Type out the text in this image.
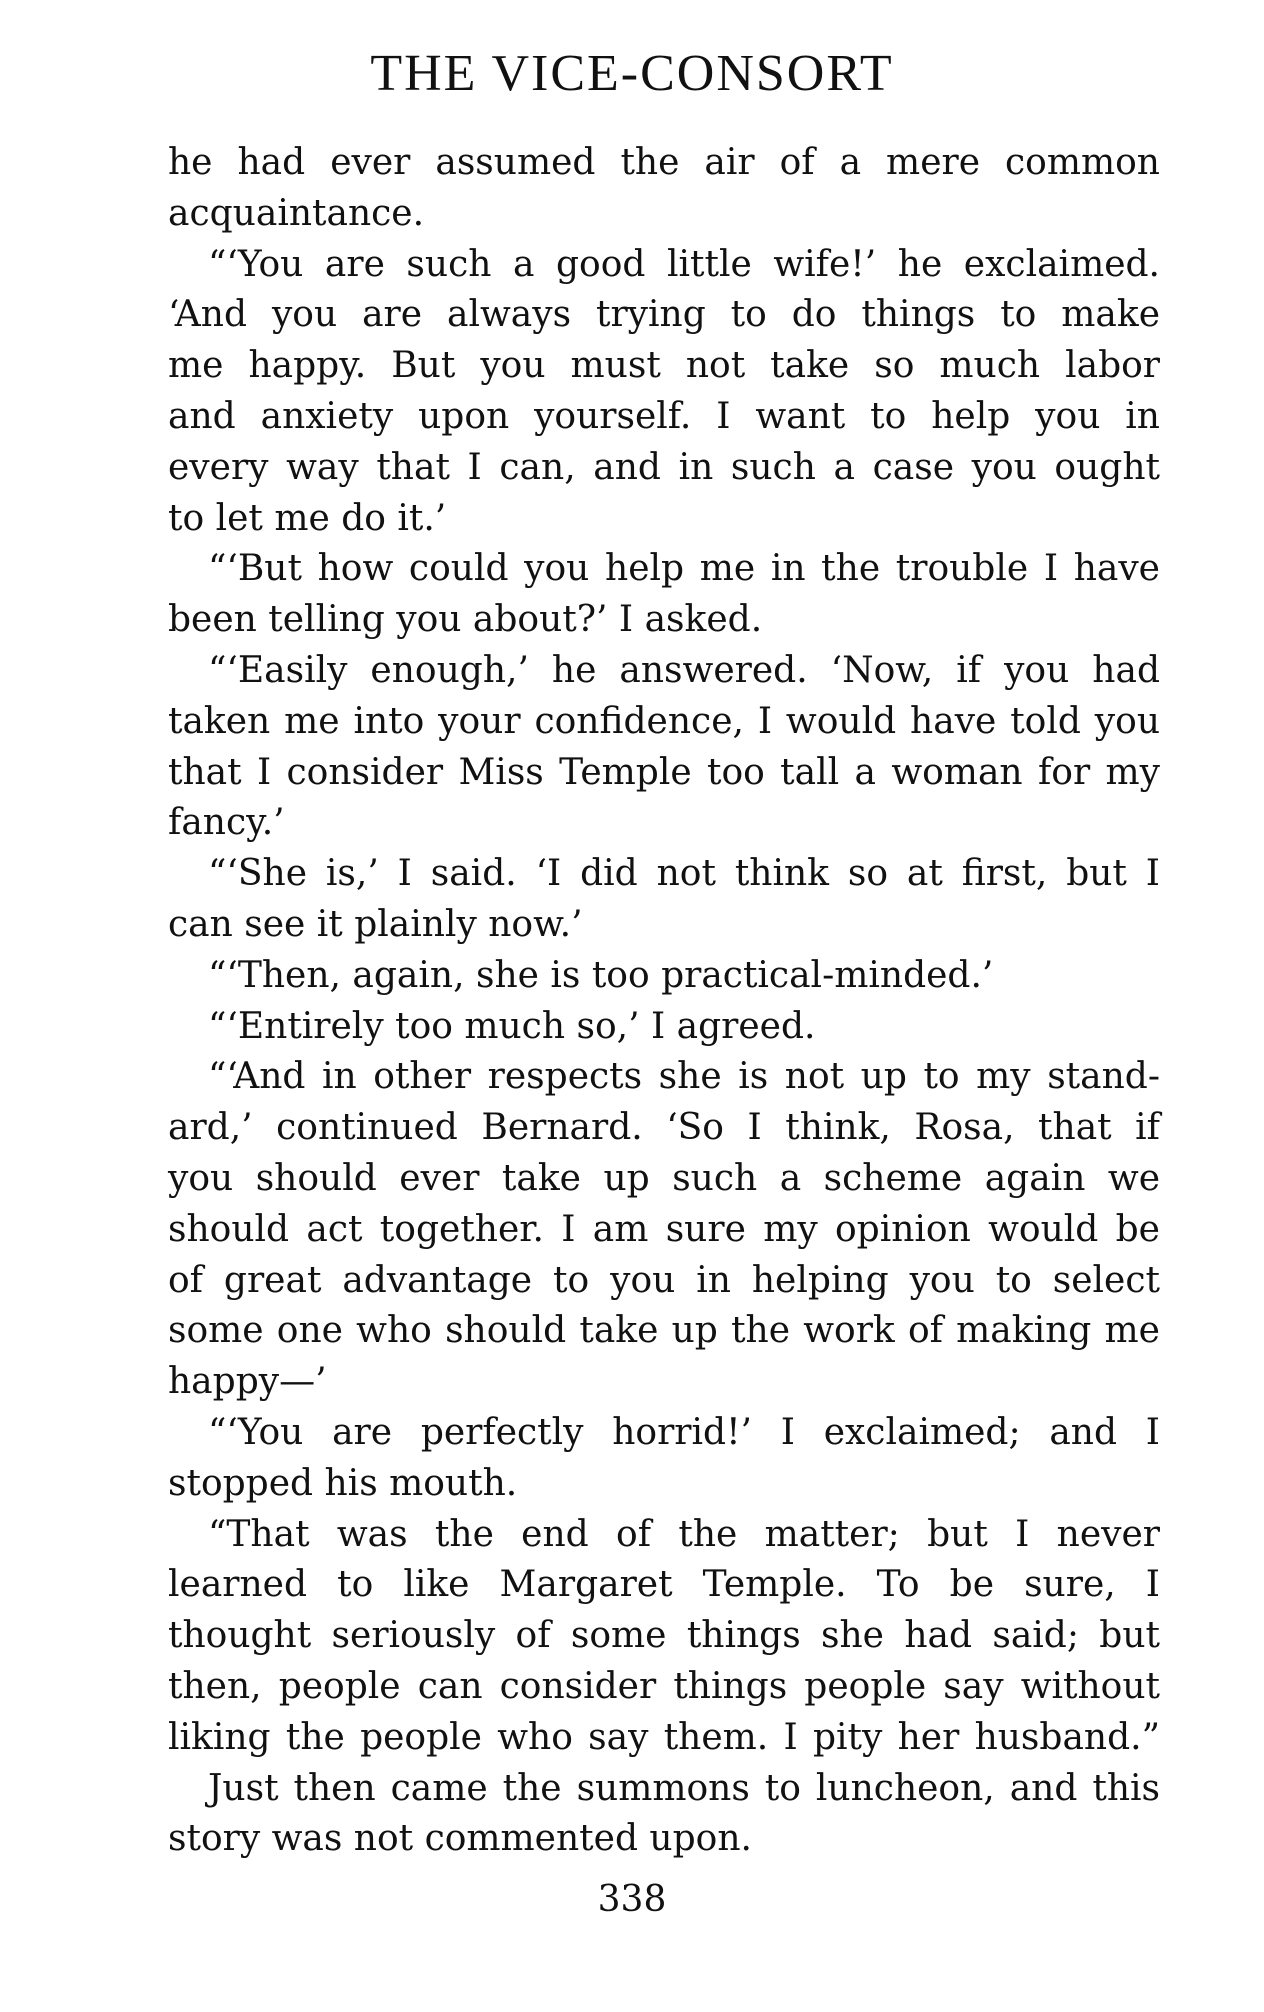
THE VICE-CONSORT
he had ever assumed the air of a mere common
acquaintance.
“‘You are such a good little wife!’ he exclaimed.
‘And you are always trying to do things to make
me happy. But you must not take so much labor
and anxiety upon yourself. I want to help you in
every way that I can, and in such a case you ought
to let me do it.’
“‘But how could you help me in the trouble I have
been telling you about?’ I asked.
“‘Easily enough,’ he answered. ‘Now, if you had
taken me into your confidence, I would have told you
that I consider Miss Temple too tall a woman for my
fancy.’
“‘She is,’ I said. ‘I did not think so at first, but I
can see it plainly now.’
“‘Then, again, she is too practical-minded.’
“‘Entirely too much so,’ I agreed.
“‘And in other respects she is not up to my stand-
ard,’ continued Bernard. ‘So I think, Rosa, that if
you should ever take up such a scheme again we
should act together. I am sure my opinion would be
of great advantage to you in helping you to select
some one who should take up the work of making me
happy—’
“‘You are perfectly horrid!’ I exclaimed; and I
stopped his mouth.
“That was the end of the matter; but I never
learned to like Margaret Temple. To be sure, I
thought seriously of some things she had said; but
then, people can consider things people say without
liking the people who say them. I pity her husband.”
Just then came the summons to luncheon, and this
story was not commented upon.
338
